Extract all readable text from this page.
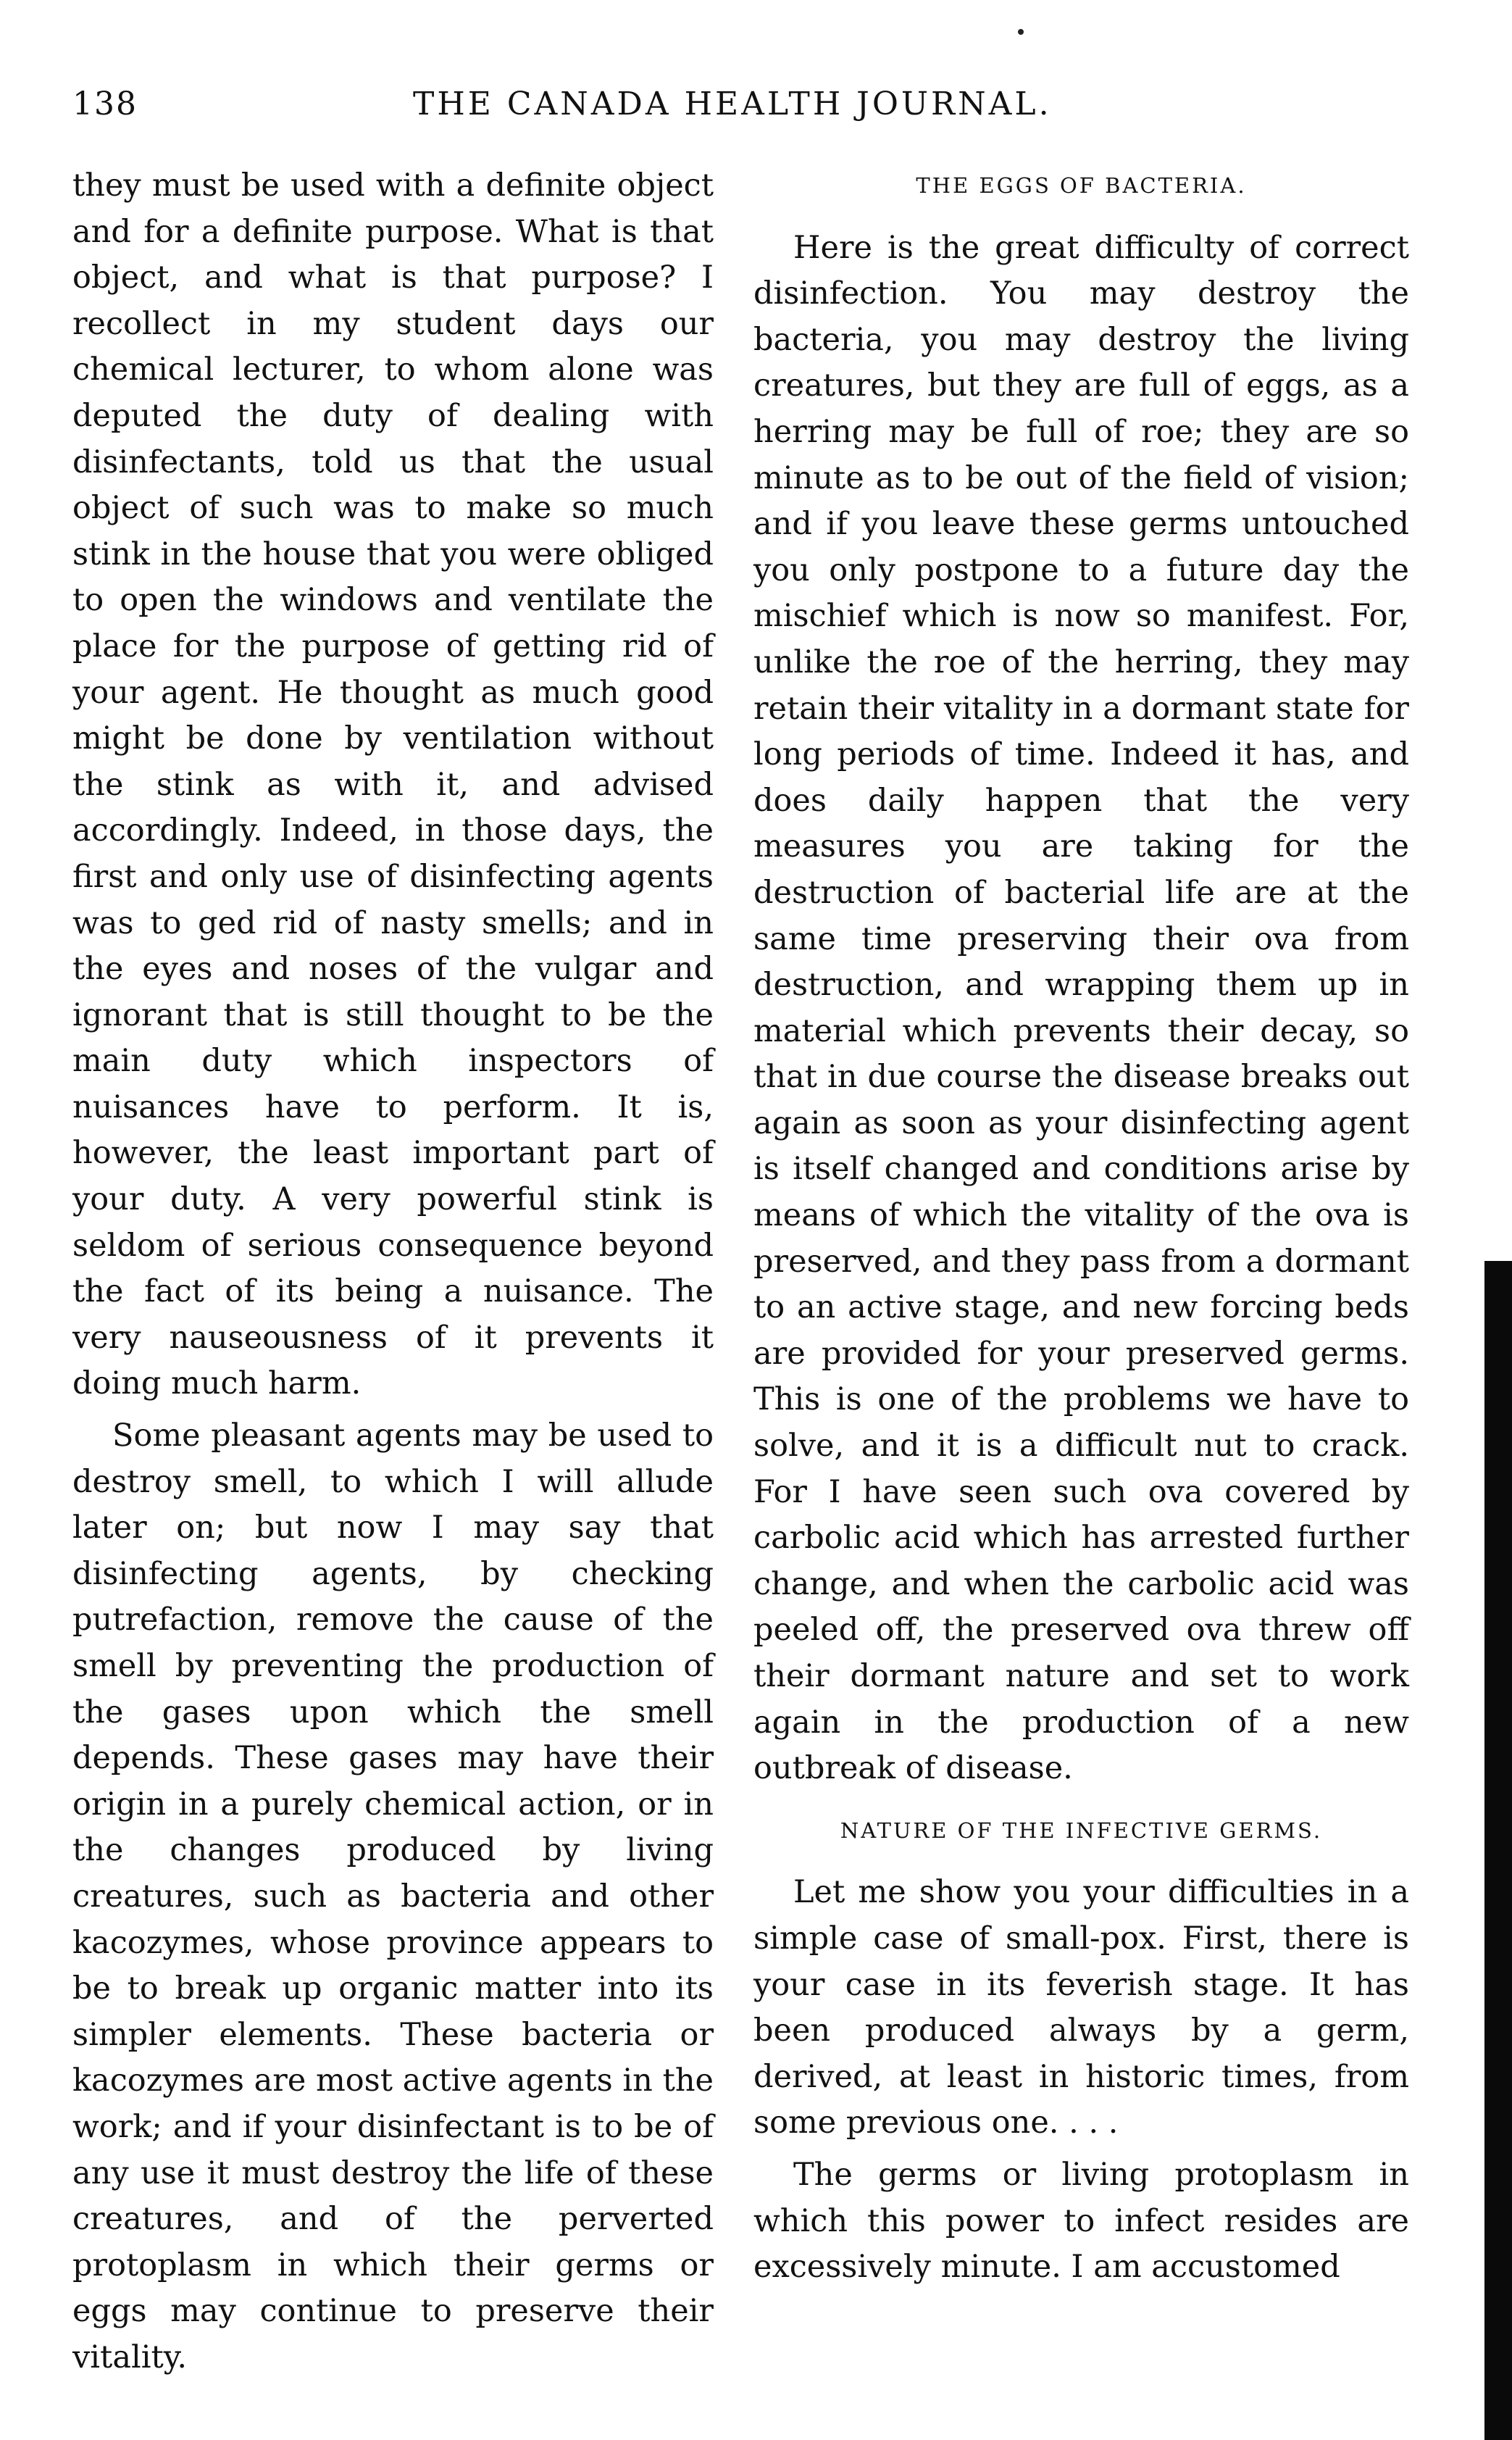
138	THE CANADA HEALTH JOURNAL.

they must be used with a definite object and for a definite purpose. What is that object, and what is that purpose? I recollect in my student days our chemical lecturer, to whom alone was deputed the duty of dealing with disinfectants, told us that the usual object of such was to make so much stink in the house that you were obliged to open the windows and ventilate the place for the purpose of getting rid of your agent. He thought as much good might be done by ventilation without the stink as with it, and advised accordingly. Indeed, in those days, the first and only use of disinfecting agents was to ged rid of nasty smells; and in the eyes and noses of the vulgar and ignorant that is still thought to be the main duty which inspectors of nuisances have to perform. It is, however, the least important part of your duty. A very powerful stink is seldom of serious consequence beyond the fact of its being a nuisance. The very nauseousness of it prevents it doing much harm.

Some pleasant agents may be used to destroy smell, to which I will allude later on; but now I may say that disinfecting agents, by checking putrefaction, remove the cause of the smell by preventing the production of the gases upon which the smell depends. These gases may have their origin in a purely chemical action, or in the changes produced by living creatures, such as bacteria and other kacozymes, whose province appears to be to break up organic matter into its simpler elements. These bacteria or kacozymes are most active agents in the work; and if your disinfectant is to be of any use it must destroy the life of these creatures, and of the perverted protoplasm in which their germs or eggs may continue to preserve their vitality.

THE EGGS OF BACTERIA.

Here is the great difficulty of correct disinfection. You may destroy the bacteria, you may destroy the living creatures, but they are full of eggs, as a herring may be full of roe; they are so minute as to be out of the field of vision; and if you leave these germs untouched you only postpone to a future day the mischief which is now so manifest. For, unlike the roe of the herring, they may retain their vitality in a dormant state for long periods of time. Indeed it has, and does daily happen that the very measures you are taking for the destruction of bacterial life are at the same time preserving their ova from destruction, and wrapping them up in material which prevents their decay, so that in due course the disease breaks out again as soon as your disinfecting agent is itself changed and conditions arise by means of which the vitality of the ova is preserved, and they pass from a dormant to an active stage, and new forcing beds are provided for your preserved germs. This is one of the problems we have to solve, and it is a difficult nut to crack. For I have seen such ova covered by carbolic acid which has arrested further change, and when the carbolic acid was peeled off, the preserved ova threw off their dormant nature and set to work again in the production of a new outbreak of disease.

NATURE OF THE INFECTIVE GERMS.

Let me show you your difficulties in a simple case of small-pox. First, there is your case in its feverish stage. It has been produced always by a germ, derived, at least in historic times, from some previous one. . . .

The germs or living protoplasm in which this power to infect resides are excessively minute. I am accustomed
